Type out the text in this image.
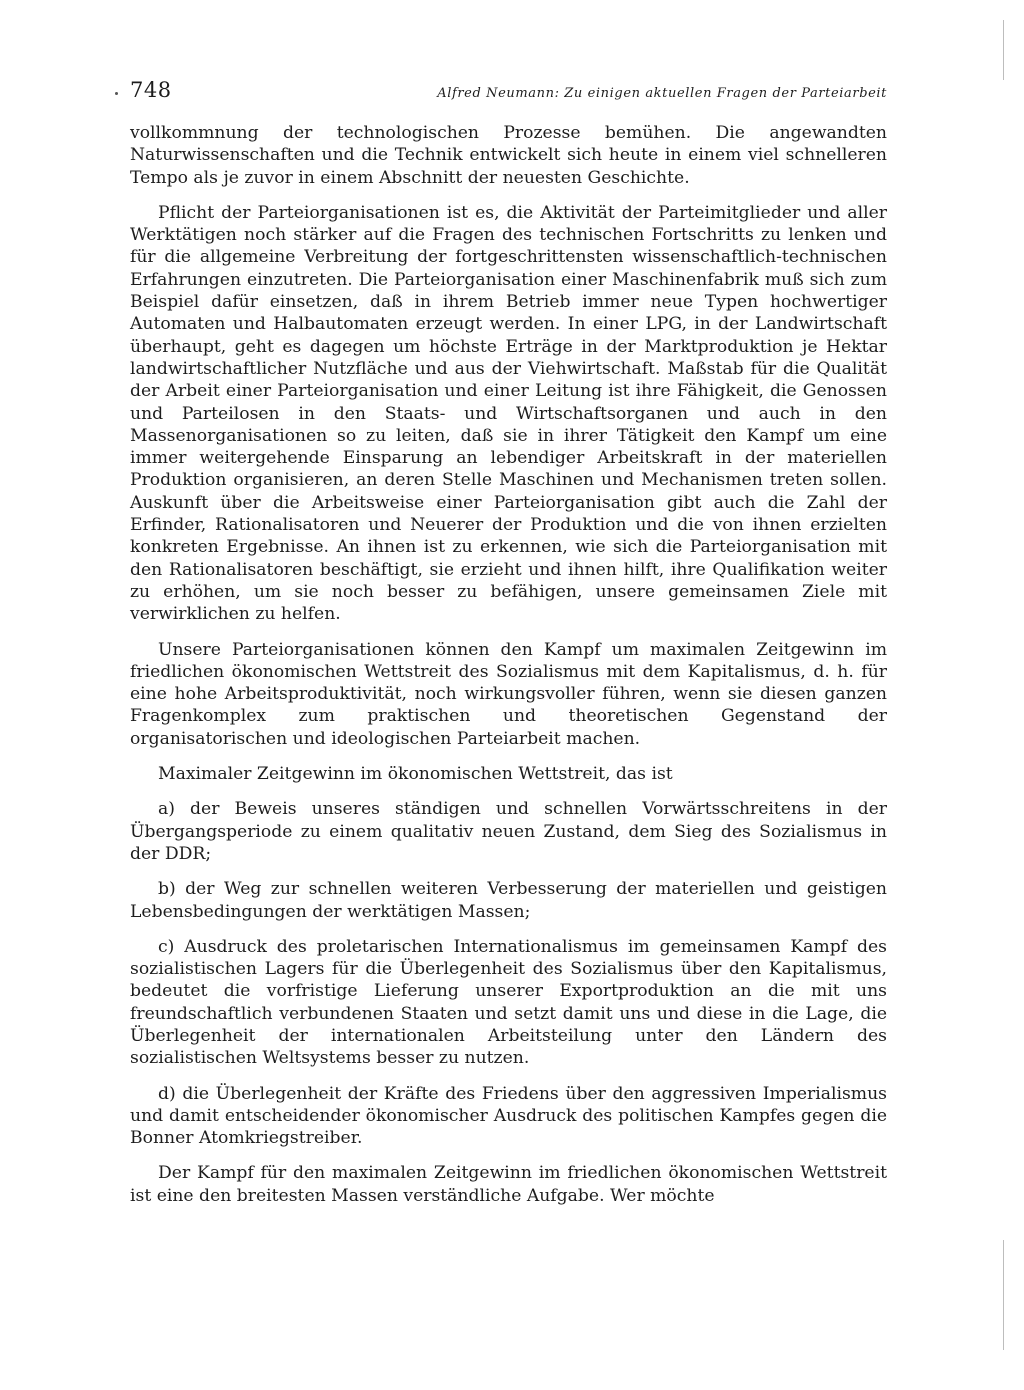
748	Alfred Neumann: Zu einigen aktuellen Fragen der Parteiarbeit

vollkommnung der technologischen Prozesse bemühen. Die angewandten Naturwissenschaften und die Technik entwickelt sich heute in einem viel schnelleren Tempo als je zuvor in einem Abschnitt der neuesten Geschichte.

Pflicht der Parteiorganisationen ist es, die Aktivität der Parteimitglieder und aller Werktätigen noch stärker auf die Fragen des technischen Fortschritts zu lenken und für die allgemeine Verbreitung der fortgeschrittensten wissenschaftlich-technischen Erfahrungen einzutreten. Die Parteiorganisation einer Maschinenfabrik muß sich zum Beispiel dafür einsetzen, daß in ihrem Betrieb immer neue Typen hochwertiger Automaten und Halbautomaten erzeugt werden. In einer LPG, in der Landwirtschaft überhaupt, geht es dagegen um höchste Erträge in der Marktproduktion je Hektar landwirtschaftlicher Nutzfläche und aus der Viehwirtschaft. Maßstab für die Qualität der Arbeit einer Parteiorganisation und einer Leitung ist ihre Fähigkeit, die Genossen und Parteilosen in den Staats- und Wirtschaftsorganen und auch in den Massenorganisationen so zu leiten, daß sie in ihrer Tätigkeit den Kampf um eine immer weitergehende Einsparung an lebendiger Arbeitskraft in der materiellen Produktion organisieren, an deren Stelle Maschinen und Mechanismen treten sollen. Auskunft über die Arbeitsweise einer Parteiorganisation gibt auch die Zahl der Erfinder, Rationalisatoren und Neuerer der Produktion und die von ihnen erzielten konkreten Ergebnisse. An ihnen ist zu erkennen, wie sich die Parteiorganisation mit den Rationalisatoren beschäftigt, sie erzieht und ihnen hilft, ihre Qualifikation weiter zu erhöhen, um sie noch besser zu befähigen, unsere gemeinsamen Ziele mit verwirklichen zu helfen.

Unsere Parteiorganisationen können den Kampf um maximalen Zeitgewinn im friedlichen ökonomischen Wettstreit des Sozialismus mit dem Kapitalismus, d. h. für eine hohe Arbeitsproduktivität, noch wirkungsvoller führen, wenn sie diesen ganzen Fragenkomplex zum praktischen und theoretischen Gegenstand der organisatorischen und ideologischen Parteiarbeit machen.

Maximaler Zeitgewinn im ökonomischen Wettstreit, das ist

a) der Beweis unseres ständigen und schnellen Vorwärtsschreitens in der Übergangsperiode zu einem qualitativ neuen Zustand, dem Sieg des Sozialismus in der DDR;

b) der Weg zur schnellen weiteren Verbesserung der materiellen und geistigen Lebensbedingungen der werktätigen Massen;

c) Ausdruck des proletarischen Internationalismus im gemeinsamen Kampf des sozialistischen Lagers für die Überlegenheit des Sozialismus über den Kapitalismus, bedeutet die vorfristige Lieferung unserer Exportproduktion an die mit uns freundschaftlich verbundenen Staaten und setzt damit uns und diese in die Lage, die Überlegenheit der internationalen Arbeitsteilung unter den Ländern des sozialistischen Weltsystems besser zu nutzen.

d) die Überlegenheit der Kräfte des Friedens über den aggressiven Imperialismus und damit entscheidender ökonomischer Ausdruck des politischen Kampfes gegen die Bonner Atomkriegstreiber.

Der Kampf für den maximalen Zeitgewinn im friedlichen ökonomischen Wettstreit ist eine den breitesten Massen verständliche Aufgabe. Wer möchte
